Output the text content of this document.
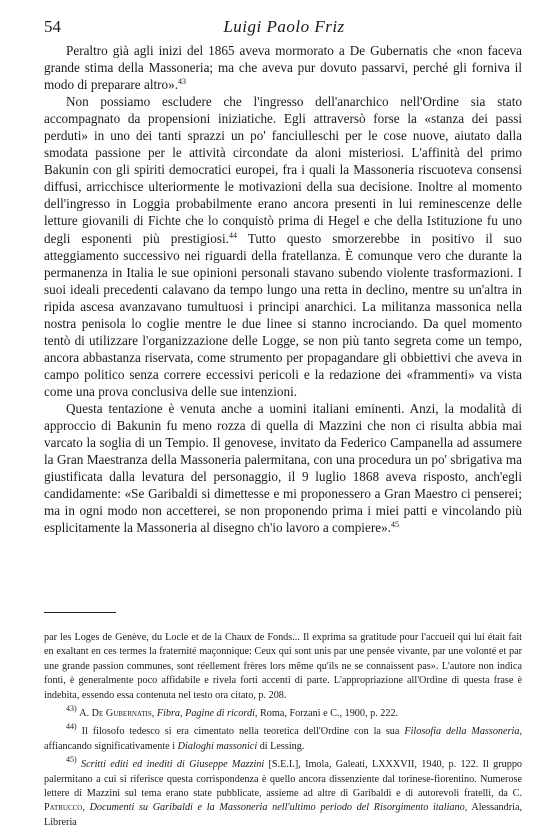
54	Luigi Paolo Friz

Peraltro già agli inizi del 1865 aveva mormorato a De Gubernatis che «non faceva grande stima della Massoneria; ma che aveva pur dovuto passarvi, perché gli forniva il modo di preparare altro».$^{43}$

Non possiamo escludere che l'ingresso dell'anarchico nell'Ordine sia stato accompagnato da propensioni iniziatiche. Egli attraversò forse la «stanza dei passi perduti» in uno dei tanti sprazzi un po' fanciulleschi per le cose nuove, aiutato dalla smodata passione per le attività circondate da aloni misteriosi. L'affinità del primo Bakunin con gli spiriti democratici europei, fra i quali la Massoneria riscuoteva consensi diffusi, arricchisce ulteriormente le motivazioni della sua decisione. Inoltre al momento dell'ingresso in Loggia probabilmente erano ancora presenti in lui reminescenze delle letture giovanili di Fichte che lo conquistò prima di Hegel e che della Istituzione fu uno degli esponenti più prestigiosi.$^{44}$ Tutto questo smorzerebbe in positivo il suo atteggiamento successivo nei riguardi della fratellanza. È comunque vero che durante la permanenza in Italia le sue opinioni personali stavano subendo violente trasformazioni. I suoi ideali precedenti calavano da tempo lungo una retta in declino, mentre su un'altra in ripida ascesa avanzavano tumultuosi i principi anarchici. La militanza massonica nella nostra penisola lo coglie mentre le due linee si stanno incrociando. Da quel momento tentò di utilizzare l'organizzazione delle Logge, se non più tanto segreta come un tempo, ancora abbastanza riservata, come strumento per propagandare gli obbiettivi che aveva in campo politico senza correre eccessivi pericoli e la redazione dei «frammenti» va vista come una prova conclusiva delle sue intenzioni.

Questa tentazione è venuta anche a uomini italiani eminenti. Anzi, la modalità di approccio di Bakunin fu meno rozza di quella di Mazzini che non ci risulta abbia mai varcato la soglia di un Tempio. Il genovese, invitato da Federico Campanella ad assumere la Gran Maestranza della Massoneria palermitana, con una procedura un po' sbrigativa ma giustificata dalla levatura del personaggio, il 9 luglio 1868 aveva risposto, anch'egli candidamente: «Se Garibaldi si dimettesse e mi proponessero a Gran Maestro ci penserei; ma in ogni modo non accetterei, se non proponendo prima i miei patti e vincolando più esplicitamente la Massoneria al disegno ch'io lavoro a compiere».$^{45}$

par les Loges de Genève, du Locle et de la Chaux de Fonds... Il exprima sa gratitude pour l'accueil qui lui était fait en exaltant en ces termes la fraternité maçonnique: Ceux qui sont unis par une pensée vivante, par une volonté et par une grande passion communes, sont réellement frères lors même qu'ils ne se connaissent pas». L'autore non indica fonti, è generalmente poco affidabile e rivela forti accenti di parte. L'appropriazione all'Ordine di questa frase è indebita, essendo essa contenuta nel testo ora citato, p. 208.

$^{43)}$ A. De Gubernatis, Fibra, Pagine di ricordi, Roma, Forzani e C., 1900, p. 222.

$^{44)}$ Il filosofo tedesco si era cimentato nella teoretica dell'Ordine con la sua Filosofia della Massoneria, affiancando significativamente i Dialoghi massonici di Lessing.

$^{45)}$ Scritti editi ed inediti di Giuseppe Mazzini [S.E.I.], Imola, Galeati, LXXXVII, 1940, p. 122. Il gruppo palermitano a cui si riferisce questa corrispondenza è quello ancora dissenziente dal torinese-fiorentino. Numerose lettere di Mazzini sul tema erano state pubblicate, assieme ad altre di Garibaldi e di autorevoli fratelli, da C. Patrucco, Documenti su Garibaldi e la Massoneria nell'ultimo periodo del Risorgimento italiano, Alessandria, Libreria
